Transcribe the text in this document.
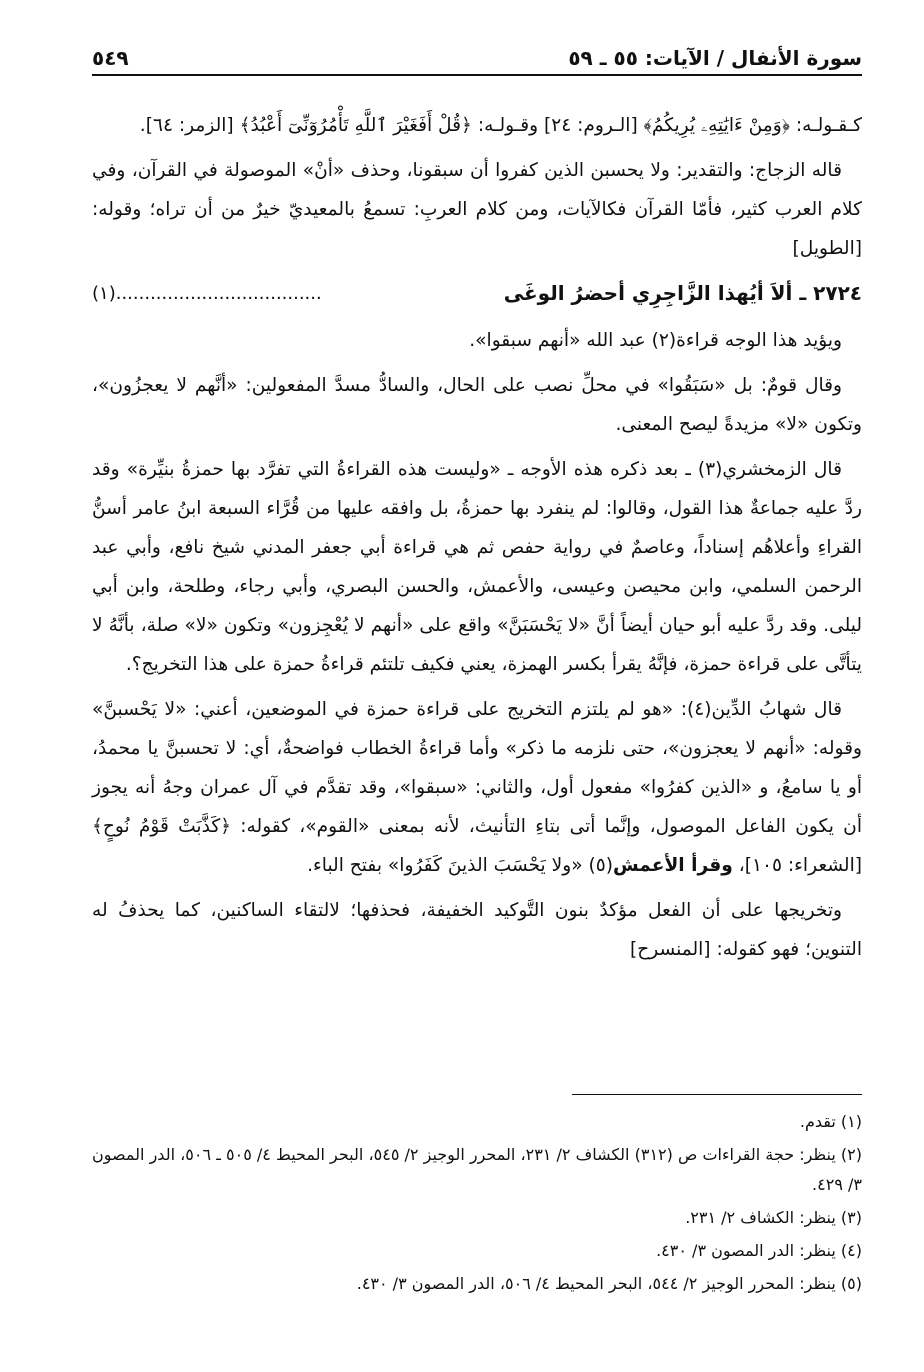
سورة الأنفال / الآيات: ٥٥ ـ ٥٩
٥٤٩

كـقـولـه: ﴿وَمِنْ ءَايَٰتِهِۦ يُرِيكُمُ﴾ [الـروم: ٢٤] وقـولـه: ﴿قُلْ أَفَغَيْرَ ٱللَّهِ تَأْمُرُوٓنِّىٓ أَعْبُدُ﴾ [الزمر: ٦٤].

قاله الزجاج: والتقدير: ولا يحسبن الذين كفروا أن سبقونا، وحذف «أنْ» الموصولة في القرآن، وفي كلام العرب كثير، فأمّا القرآن فكالآيات، ومن كلام العربِ: تسمعُ بالمعيديّ خيرٌ من أن تراه؛ وقوله: [الطويل]

٢٧٢٤ ـ ألاَ أيُهذا الزَّاجِرِي أحضرُ الوغَى
(١)....................................

ويؤيد هذا الوجه قراءة(٢) عبد الله «أنهم سبقوا».

وقال قومٌ: بل «سَبَقُوا» في محلِّ نصب على الحال، والسادُّ مسدَّ المفعولين: «أنَّهم لا يعجزُون»، وتكون «لا» مزيدةً ليصح المعنى.

قال الزمخشري(٣) ـ بعد ذكره هذه الأوجه ـ «وليست هذه القراءةُ التي تفرَّد بها حمزةُ بنيِّرة» وقد ردَّ عليه جماعةٌ هذا القول، وقالوا: لم ينفرد بها حمزةُ، بل وافقه عليها من قُرَّاء السبعة ابنُ عامر أسنُّ القراءِ وأعلاهُم إسناداً، وعاصمٌ في رواية حفص ثم هي قراءة أبي جعفر المدني شيخ نافع، وأبي عبد الرحمن السلمي، وابن محيصن وعيسى، والأعمش، والحسن البصري، وأبي رجاء، وطلحة، وابن أبي ليلى. وقد ردَّ عليه أبو حيان أيضاً أنَّ «لا يَحْسَبَنَّ» واقع على «أنهم لا يُعْجِزون» وتكون «لا» صلة، بأنَّهُ لا يتأتَّى على قراءة حمزة، فإنَّهُ يقرأ بكسر الهمزة، يعني فكيف تلتئم قراءةُ حمزة على هذا التخريج؟.

قال شهابُ الدِّين(٤): «هو لم يلتزم التخريج على قراءة حمزة في الموضعين، أعني: «لا يَحْسبنَّ» وقوله: «أنهم لا يعجزون»، حتى نلزمه ما ذكر» وأما قراءةُ الخطاب فواضحةٌ، أي: لا تحسبنَّ يا محمدُ، أو يا سامعُ، و «الذين كفرُوا» مفعول أول، والثاني: «سبقوا»، وقد تقدَّم في آل عمران وجهُ أنه يجوز أن يكون الفاعل الموصول، وإنَّما أتى بتاءِ التأنيث، لأنه بمعنى «القوم»، كقوله: ﴿كَذَّبَتْ قَوْمُ نُوحٍ﴾ [الشعراء: ١٠٥]، وقرأ الأعمش(٥) «ولا يَحْسَبَ الذينَ كَفَرُوا» بفتح الباء.

وتخريجها على أن الفعل مؤكدٌ بنون التَّوكيد الخفيفة، فحذفها؛ لالتقاء الساكنين، كما يحذفُ له التنوين؛ فهو كقوله: [المنسرح]

(١) تقدم.
(٢) ينظر: حجة القراءات ص (٣١٢) الكشاف ٢/ ٢٣١، المحرر الوجيز ٢/ ٥٤٥، البحر المحيط ٤/ ٥٠٥ ـ ٥٠٦، الدر المصون ٣/ ٤٢٩.
(٣) ينظر: الكشاف ٢/ ٢٣١.
(٤) ينظر: الدر المصون ٣/ ٤٣٠.
(٥) ينظر: المحرر الوجيز ٢/ ٥٤٤، البحر المحيط ٤/ ٥٠٦، الدر المصون ٣/ ٤٣٠.
